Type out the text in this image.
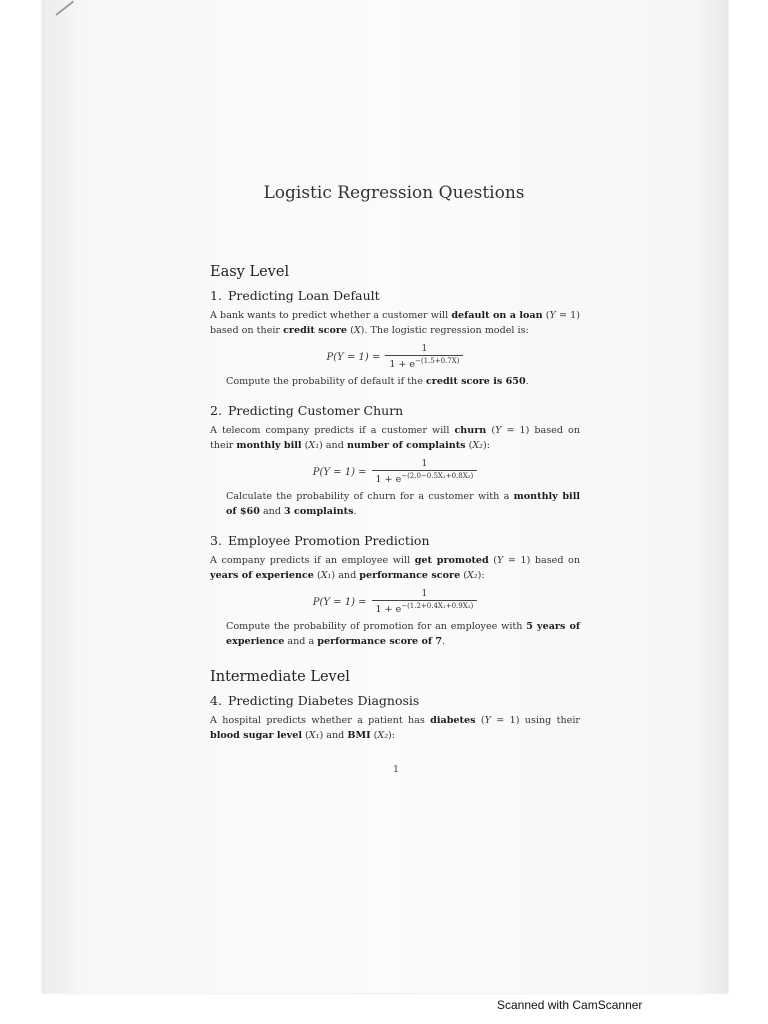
Logistic Regression Questions
Easy Level
1. Predicting Loan Default

A bank wants to predict whether a customer will default on a loan (Y = 1) based on their credit score (X). The logistic regression model is:

$P(Y = 1) = \frac{1}{1 + e^{-(1.5+0.7X)}}$

Compute the probability of default if the credit score is 650.

2. Predicting Customer Churn

A telecom company predicts if a customer will churn (Y = 1) based on their monthly bill (X₁) and number of complaints (X₂):

$P(Y = 1) = \frac{1}{1 + e^{-(2.0-0.5X_1+0.8X_2)}}$

Calculate the probability of churn for a customer with a monthly bill of $60 and 3 complaints.

3. Employee Promotion Prediction

A company predicts if an employee will get promoted (Y = 1) based on years of experience (X₁) and performance score (X₂):

$P(Y = 1) = \frac{1}{1 + e^{-(1.2+0.4X_1+0.9X_2)}}$

Compute the probability of promotion for an employee with 5 years of experience and a performance score of 7.

Intermediate Level
4. Predicting Diabetes Diagnosis

A hospital predicts whether a patient has diabetes (Y = 1) using their blood sugar level (X₁) and BMI (X₂):

1
Scanned with CamScanner
